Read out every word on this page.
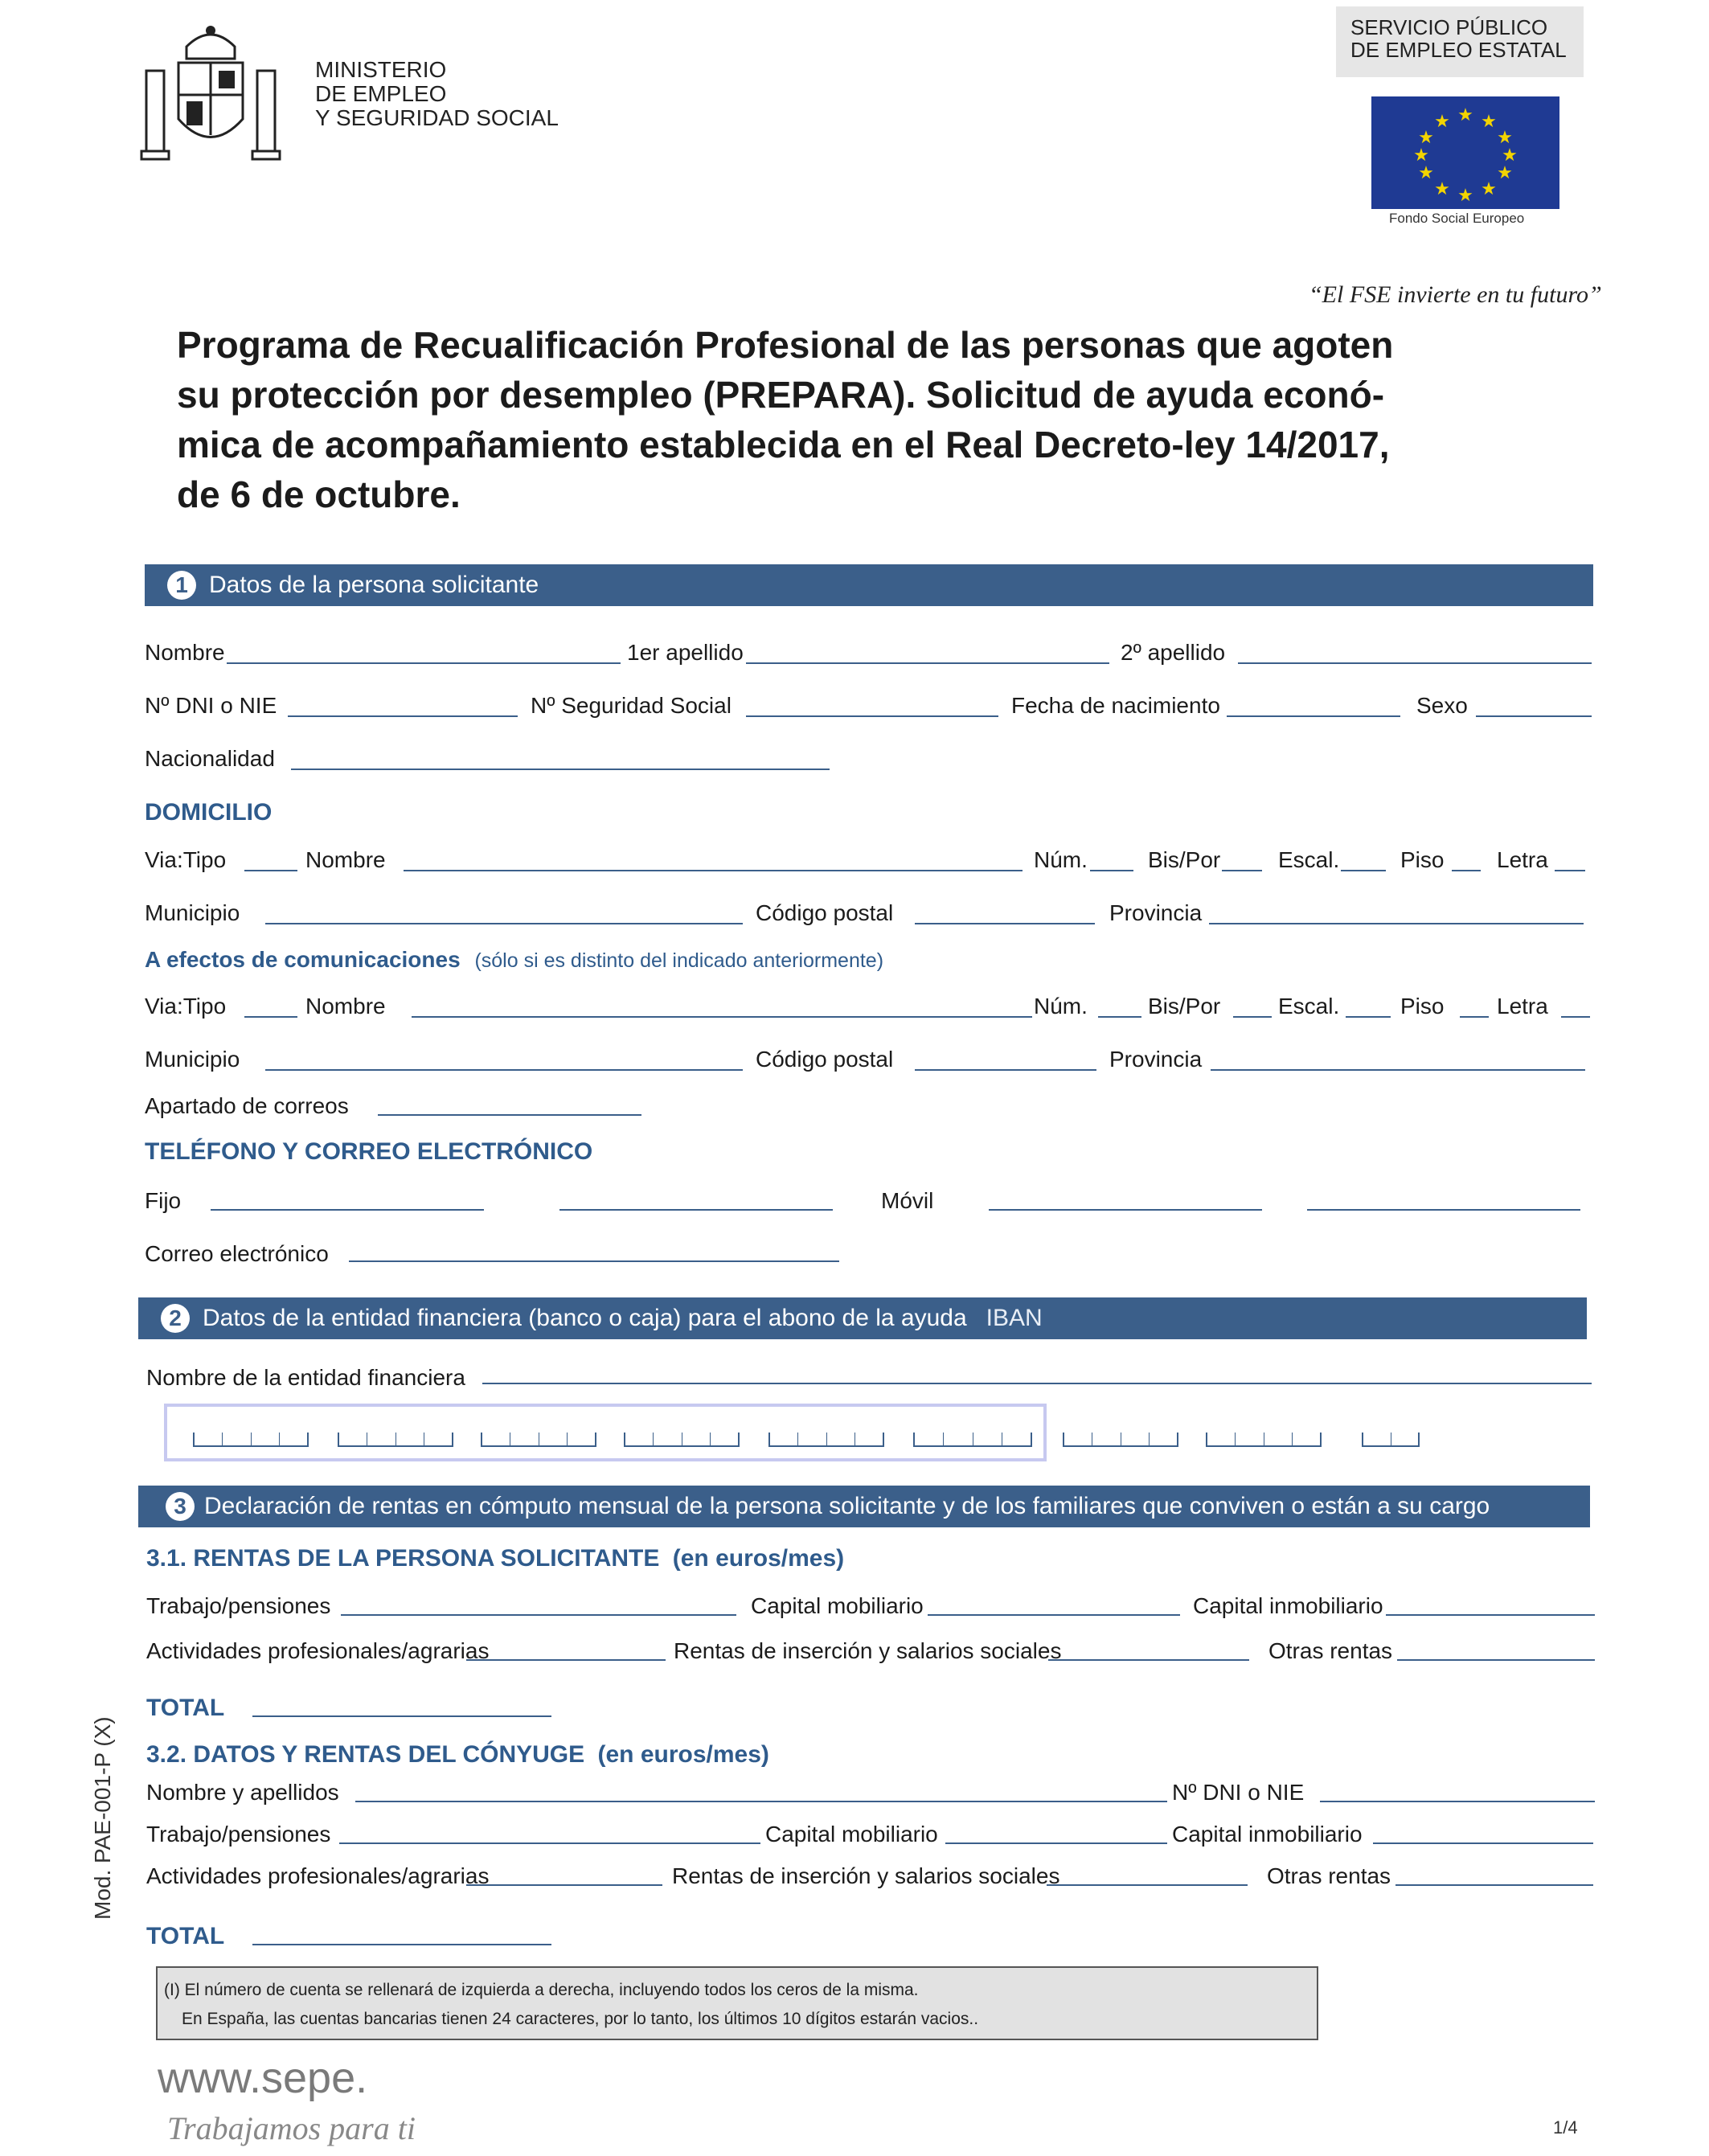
MINISTERIO
DE EMPLEO
Y SEGURIDAD SOCIAL
SERVICIO PÚBLICO
DE EMPLEO ESTATAL
★ ★
★
★
★
★
★
★
★
★
★
★
Fondo Social Europeo
“El FSE invierte en tu futuro”
Programa de Recualificación Profesional de las personas que agoten
su protección por desempleo (PREPARA). Solicitud de ayuda econó-
mica de acompañamiento establecida en el Real Decreto-ley 14/2017,
de 6 de octubre.
1 Datos de la persona solicitante
Nombre	1er apellido	2º apellido
Nº DNI o NIE	Nº Seguridad Social	Fecha de nacimiento	Sexo
Nacionalidad
DOMICILIO
Via:Tipo	Nombre	Núm.	Bis/Por	Escal.	Piso Letra
Municipio	Código postal	Provincia
A efectos de comunicaciones (sólo si es distinto del indicado anteriormente)
Via:Tipo	Nombre	Núm.	Bis/Por	Escal.	Piso Letra
Municipio	Código postal	Provincia
Apartado de correos
TELÉFONO Y CORREO ELECTRÓNICO
Fijo	Móvil
Correo electrónico
2 Datos de la entidad financiera (banco o caja) para el abono de la ayuda IBAN
Nombre de la entidad financiera
3 Declaración de rentas en cómputo mensual de la persona solicitante y de los familiares que conviven o están a su cargo
3.1. RENTAS DE LA PERSONA SOLICITANTE (en euros/mes)
Trabajo/pensiones	Capital mobiliario	Capital inmobiliario
Actividades profesionales/agrarias	Rentas de inserción y salarios sociales	Otras rentas
TOTAL
3.2. DATOS Y RENTAS DEL CÓNYUGE (en euros/mes)
Nombre y apellidos	Nº DNI o NIE
Trabajo/pensiones	Capital mobiliario	Capital inmobiliario
Actividades profesionales/agrarias	Rentas de inserción y salarios sociales	Otras rentas
TOTAL
(I) El número de cuenta se rellenará de izquierda a derecha, incluyendo todos los ceros de la misma.
En España, las cuentas bancarias tienen 24 caracteres, por lo tanto, los últimos 10 dígitos estarán vacios..
Mod. PAE-001-P (X)
www.sepe.
Trabajamos para ti	1/4
